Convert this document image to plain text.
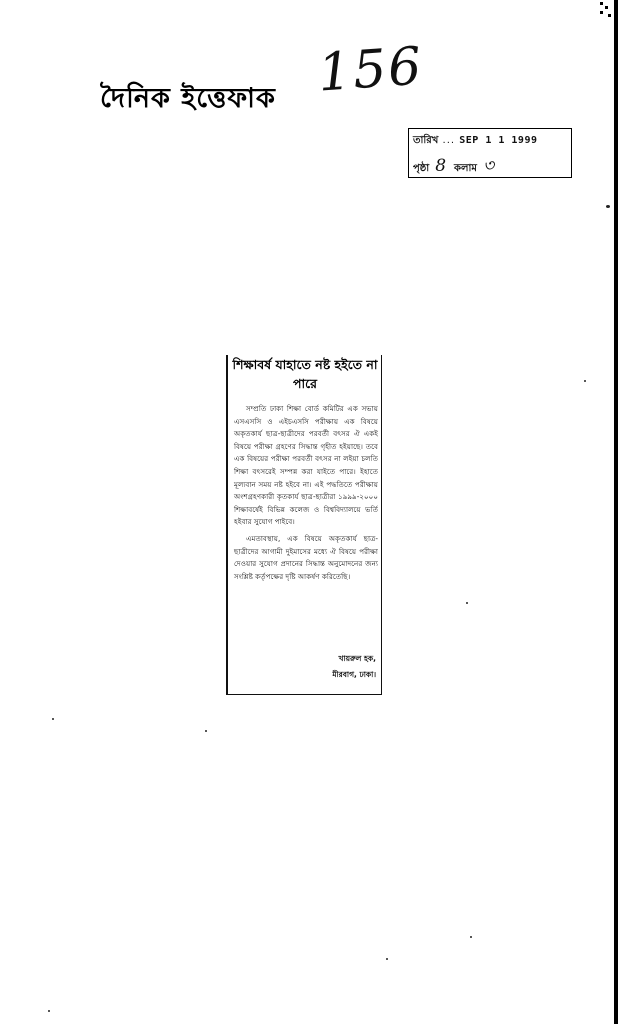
দৈনিক ইত্তেফাক 156
তারিখ ... SEP 1 1 1999
পৃষ্ঠা 8 কলাম ৩
শিক্ষাবর্ষ যাহাতে নষ্ট হইতে না পারে

সম্প্রতি ঢাকা শিক্ষা বোর্ড কমিটির এক সভায় এসএসসি ও এইচএসসি পরীক্ষায় এক বিষয়ে অকৃতকার্য ছাত্র-ছাত্রীদের পরবর্তী বৎসর ঐ একই বিষয়ে পরীক্ষা গ্রহণের সিদ্ধান্ত গৃহীত হইয়াছে। তবে এক বিষয়ের পরীক্ষা পরবর্তী বৎসর না লইয়া চলতি শিক্ষা বৎসরেই সম্পন্ন করা যাইতে পারে। ইহাতে মূল্যবান সময় নষ্ট হইবে না। এই পদ্ধতিতে পরীক্ষায় অংশগ্রহণকারী কৃতকার্য ছাত্র-ছাত্রীরা ১৯৯৯-২০০০ শিক্ষাবর্ষেই বিভিন্ন কলেজ ও বিশ্ববিদ্যালয়ে ভর্তি হইবার সুযোগ পাইবে।

এমতাবস্থায়, এক বিষয়ে অকৃতকার্য ছাত্র-ছাত্রীদের আগামী দুইমাসের মধ্যে ঐ বিষয়ে পরীক্ষা দেওয়ার সুযোগ প্রদানের সিদ্ধান্ত অনুমোদনের জন্য সংশ্লিষ্ট কর্তৃপক্ষের দৃষ্টি আকর্ষণ করিতেছি।

খায়রুল হক,
মীরবাগ, ঢাকা।
